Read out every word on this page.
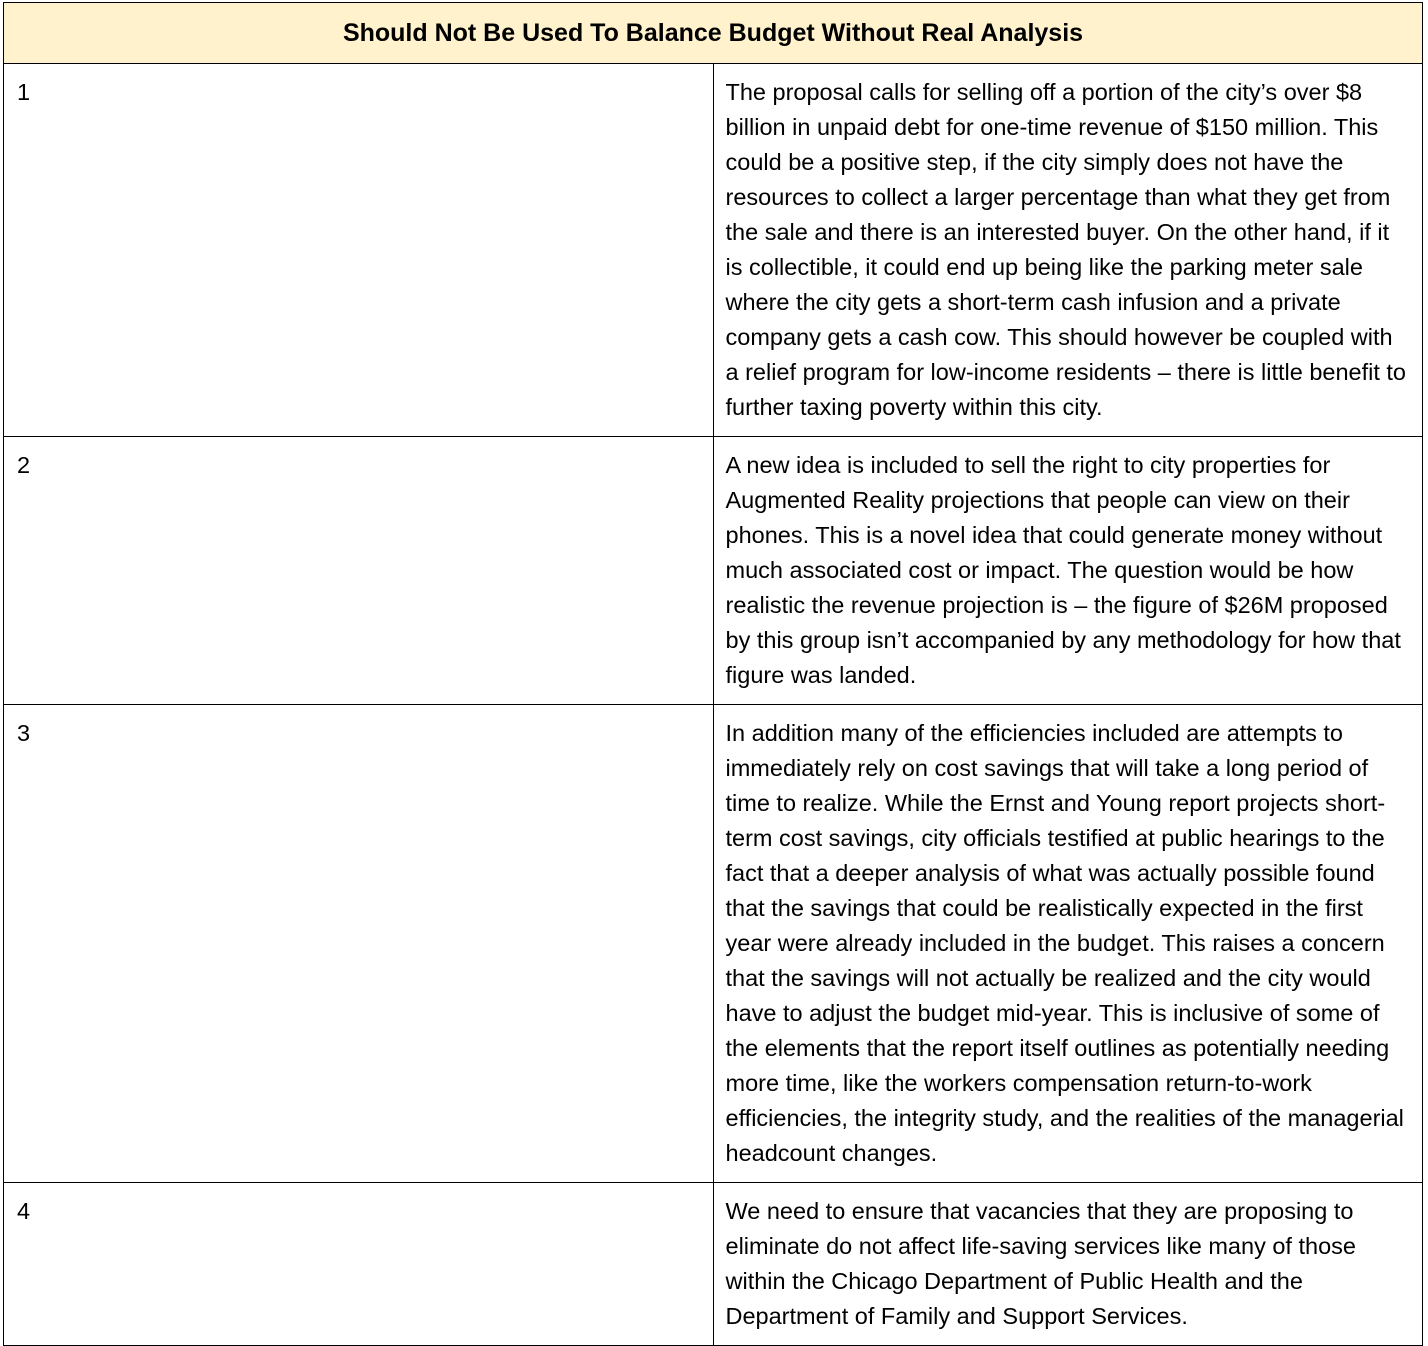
Should Not Be Used To Balance Budget Without Real Analysis	
1	The proposal calls for selling off a portion of the city’s over $8 billion in unpaid debt for one-time revenue of $150 million. This could be a positive step, if the city simply does not have the resources to collect a larger percentage than what they get from the sale and there is an interested buyer. On the other hand, if it is collectible, it could end up being like the parking meter sale where the city gets a short-term cash infusion and a private company gets a cash cow. This should however be coupled with a relief program for low-income residents – there is little benefit to further taxing poverty within this city.
2	A new idea is included to sell the right to city properties for Augmented Reality projections that people can view on their phones. This is a novel idea that could generate money without much associated cost or impact. The question would be how realistic the revenue projection is – the figure of $26M proposed by this group isn’t accompanied by any methodology for how that figure was landed.
3	In addition many of the efficiencies included are attempts to immediately rely on cost savings that will take a long period of time to realize. While the Ernst and Young report projects short-term cost savings, city officials testified at public hearings to the fact that a deeper analysis of what was actually possible found that the savings that could be realistically expected in the first year were already included in the budget. This raises a concern that the savings will not actually be realized and the city would have to adjust the budget mid-year. This is inclusive of some of the elements that the report itself outlines as potentially needing more time, like the workers compensation return-to-work efficiencies, the integrity study, and the realities of the managerial headcount changes.
4	We need to ensure that vacancies that they are proposing to eliminate do not affect life-saving services like many of those within the Chicago Department of Public Health and the Department of Family and Support Services.
